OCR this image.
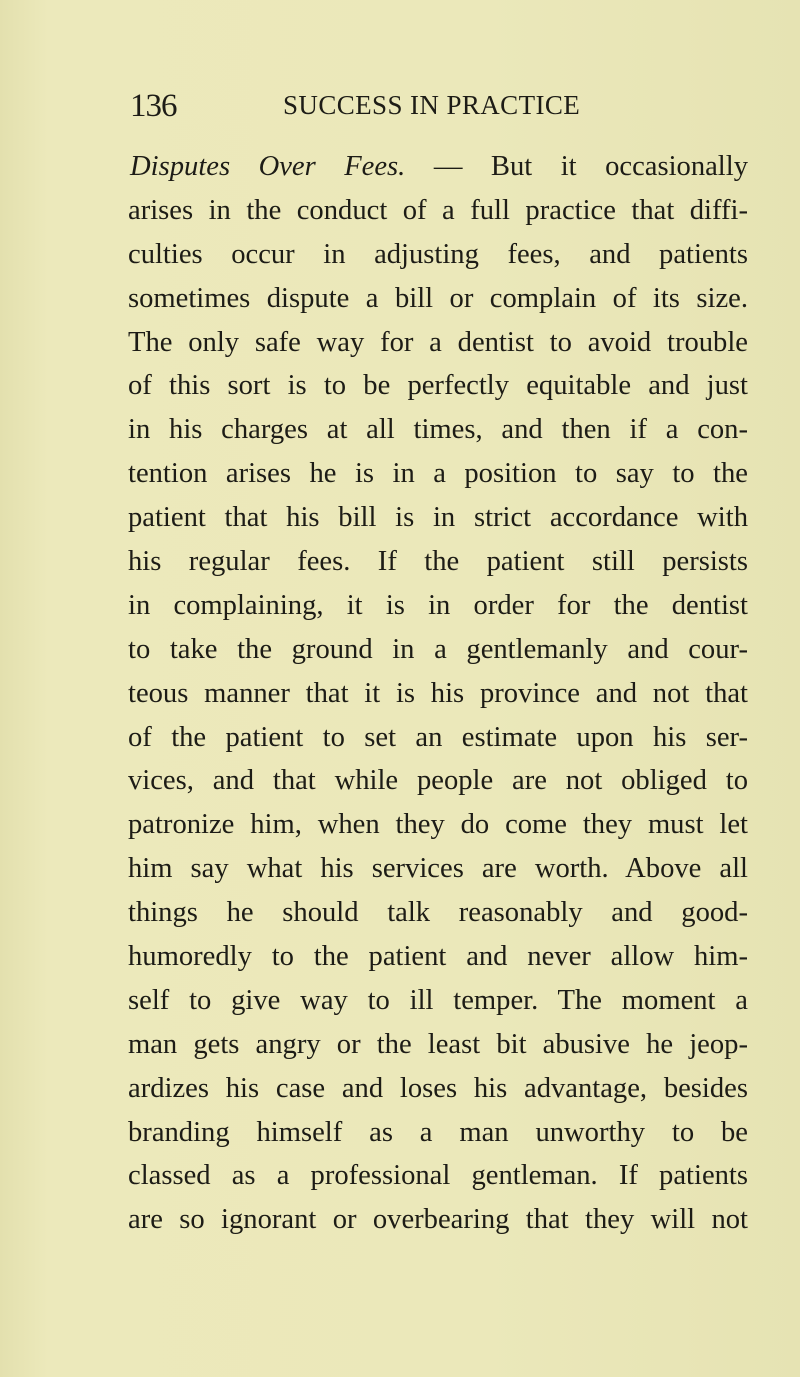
136	SUCCESS IN PRACTICE
Disputes Over Fees. — But it occasionally
arises in the conduct of a full practice that diffi-
culties occur in adjusting fees, and patients
sometimes dispute a bill or complain of its size.
The only safe way for a dentist to avoid trouble
of this sort is to be perfectly equitable and just
in his charges at all times, and then if a con-
tention arises he is in a position to say to the
patient that his bill is in strict accordance with
his regular fees. If the patient still persists
in complaining, it is in order for the dentist
to take the ground in a gentlemanly and cour-
teous manner that it is his province and not that
of the patient to set an estimate upon his ser-
vices, and that while people are not obliged to
patronize him, when they do come they must let
him say what his services are worth. Above all
things he should talk reasonably and good-
humoredly to the patient and never allow him-
self to give way to ill temper. The moment a
man gets angry or the least bit abusive he jeop-
ardizes his case and loses his advantage, besides
branding himself as a man unworthy to be
classed as a professional gentleman. If patients
are so ignorant or overbearing that they will not
